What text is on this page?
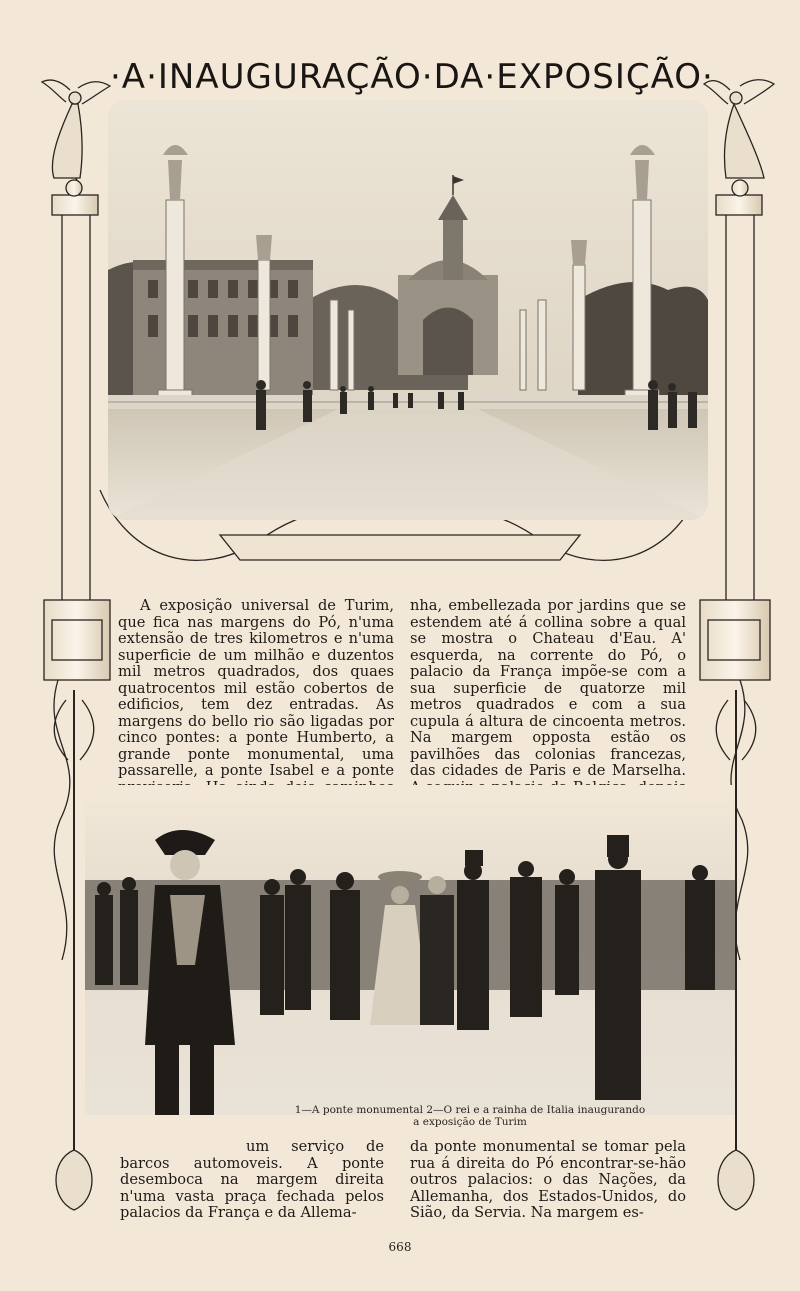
·A·INAUGURAÇÃO·DA·EXPOSIÇÃO·

A exposição universal de Turim, que fica nas margens do Pó, n'uma extensão de tres kilometros e n'uma superficie de um milhão e duzentos mil metros quadrados, dos quaes quatrocentos mil estão cobertos de edificios, tem dez entradas. As margens do bello rio são ligadas por cinco pontes: a ponte Humberto, a grande ponte monumental, uma passarelle, a ponte Isabel e a ponte

nha, embellezada por jardins que se estendem até á collina sobre a qual se mostra o Chateau d'Eau. A' esquerda, na corrente do Pó, o palacio da França impõe-se com a sua superficie de quatorze mil metros quadrados e com a sua cupula á altura de cincoenta metros. Na margem opposta estão os pavilhões das colonias francezas, das cidades de Paris e de Marselha.

1—A ponte monumental 2—O rei e a rainha de Italia inaugurando
a exposição de Turim

um serviço de barcos automoveis. A ponte desemboca na margem direita n'uma vasta praça fechada pelos palacios da França e da Allema-

da ponte monumental se tomar pela rua á direita do Pó encontrar-se-hão outros palacios: o das Nações, da Allemanha, dos Estados-Unidos, do Sião, da Servia. Na margem es-

668
